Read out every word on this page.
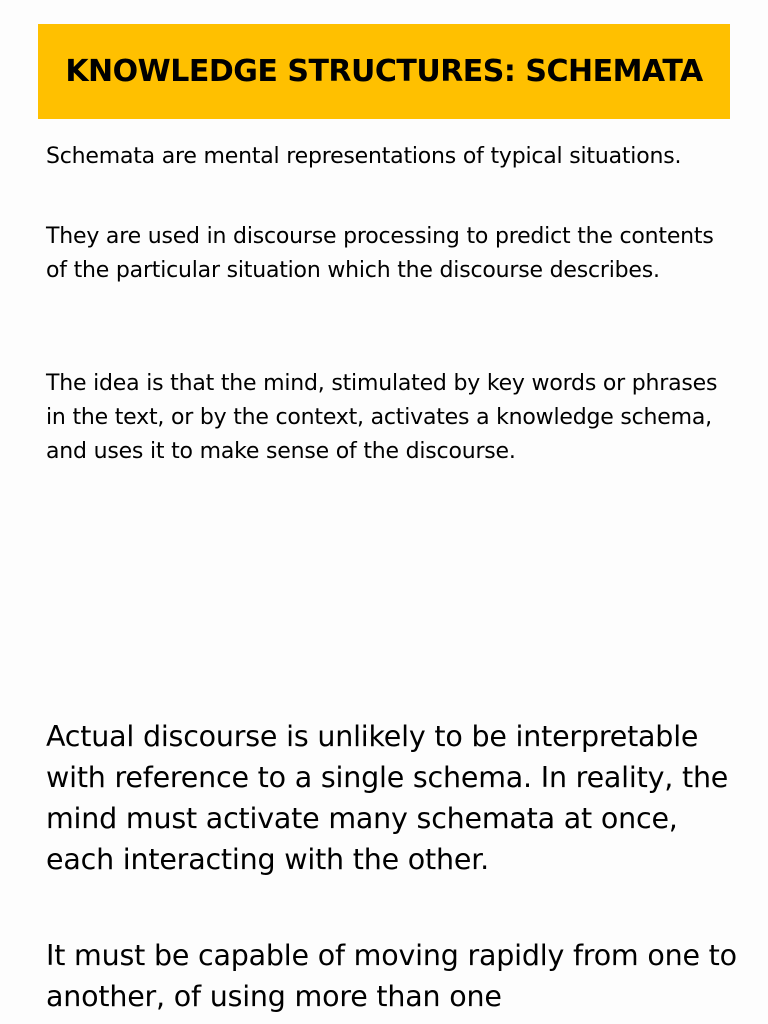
KNOWLEDGE STRUCTURES: SCHEMATA

Schemata are mental representations of typical situations.

They are used in discourse processing to predict the contents of the particular situation which the discourse describes.

The idea is that the mind, stimulated by key words or phrases in the text, or by the context, activates a knowledge schema, and uses it to make sense of the discourse.

Actual discourse is unlikely to be interpretable with reference to a single schema. In reality, the mind must activate many schemata at once, each interacting with the other.

It must be capable of moving rapidly from one to another, of using more than one
